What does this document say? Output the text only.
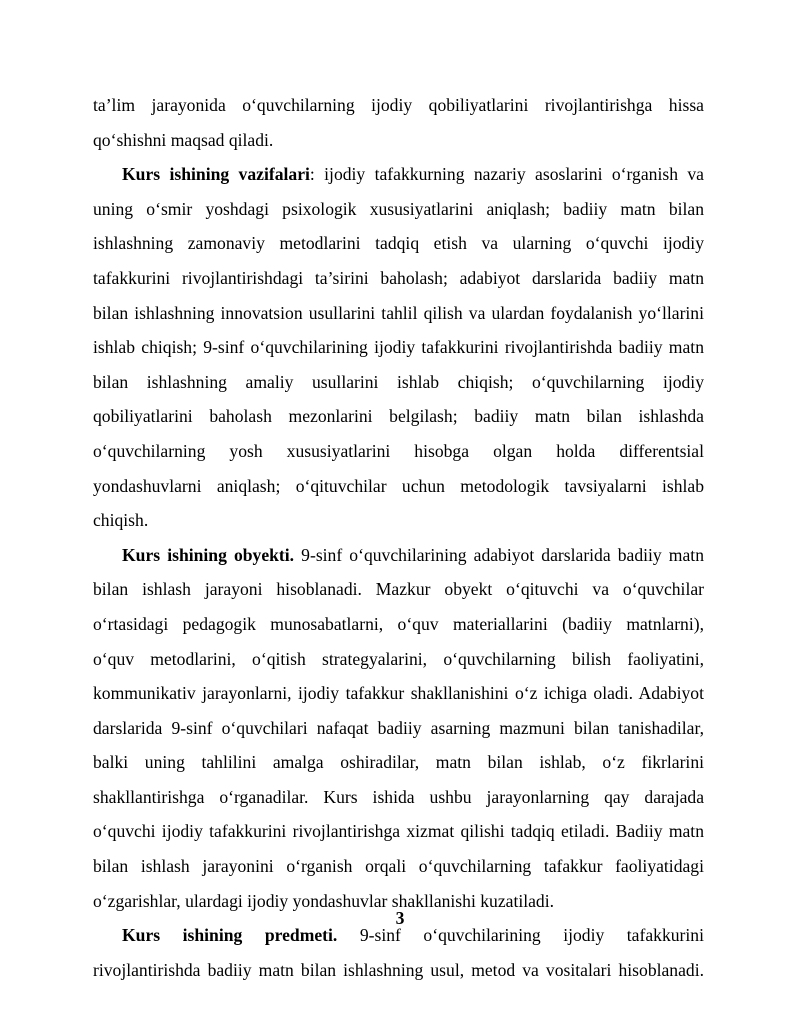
ta’lim jarayonida o‘quvchilarning ijodiy qobiliyatlarini rivojlantirishga hissa
qo‘shishni maqsad qiladi.
Kurs ishining vazifalari: ijodiy tafakkurning nazariy asoslarini o‘rganish va
uning o‘smir yoshdagi psixologik xususiyatlarini aniqlash; badiiy matn bilan
ishlashning zamonaviy metodlarini tadqiq etish va ularning o‘quvchi ijodiy
tafakkurini rivojlantirishdagi ta’sirini baholash; adabiyot darslarida badiiy matn
bilan ishlashning innovatsion usullarini tahlil qilish va ulardan foydalanish yo‘llarini
ishlab chiqish; 9-sinf o‘quvchilarining ijodiy tafakkurini rivojlantirishda badiiy matn
bilan ishlashning amaliy usullarini ishlab chiqish; o‘quvchilarning ijodiy
qobiliyatlarini baholash mezonlarini belgilash; badiiy matn bilan ishlashda
o‘quvchilarning yosh xususiyatlarini hisobga olgan holda differentsial
yondashuvlarni aniqlash; o‘qituvchilar uchun metodologik tavsiyalarni ishlab
chiqish.
Kurs ishining obyekti. 9-sinf o‘quvchilarining adabiyot darslarida badiiy matn
bilan ishlash jarayoni hisoblanadi. Mazkur obyekt o‘qituvchi va o‘quvchilar
o‘rtasidagi pedagogik munosabatlarni, o‘quv materiallarini (badiiy matnlarni),
o‘quv metodlarini, o‘qitish strategyalarini, o‘quvchilarning bilish faoliyatini,
kommunikativ jarayonlarni, ijodiy tafakkur shakllanishini o‘z ichiga oladi. Adabiyot
darslarida 9-sinf o‘quvchilari nafaqat badiiy asarning mazmuni bilan tanishadilar,
balki uning tahlilini amalga oshiradilar, matn bilan ishlab, o‘z fikrlarini
shakllantirishga o‘rganadilar. Kurs ishida ushbu jarayonlarning qay darajada
o‘quvchi ijodiy tafakkurini rivojlantirishga xizmat qilishi tadqiq etiladi. Badiiy matn
bilan ishlash jarayonini o‘rganish orqali o‘quvchilarning tafakkur faoliyatidagi
o‘zgarishlar, ulardagi ijodiy yondashuvlar shakllanishi kuzatiladi.
Kurs ishining predmeti. 9-sinf o‘quvchilarining ijodiy tafakkurini
rivojlantirishda badiiy matn bilan ishlashning usul, metod va vositalari hisoblanadi.
3
